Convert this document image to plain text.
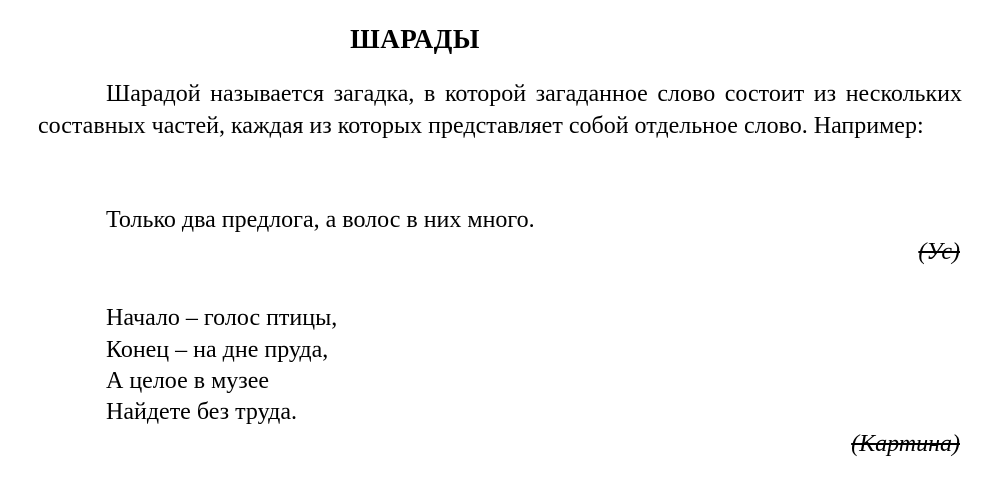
ШАРАДЫ

Шарадой называется загадка, в которой загаданное слово состоит из нескольких составных частей, каждая из которых представляет собой отдельное слово. Например:

Только два предлога, а волос в них много.

(Ус)

Начало – голос птицы,

Конец – на дне пруда,

А целое в музее

Найдете без труда.

(Картина)
